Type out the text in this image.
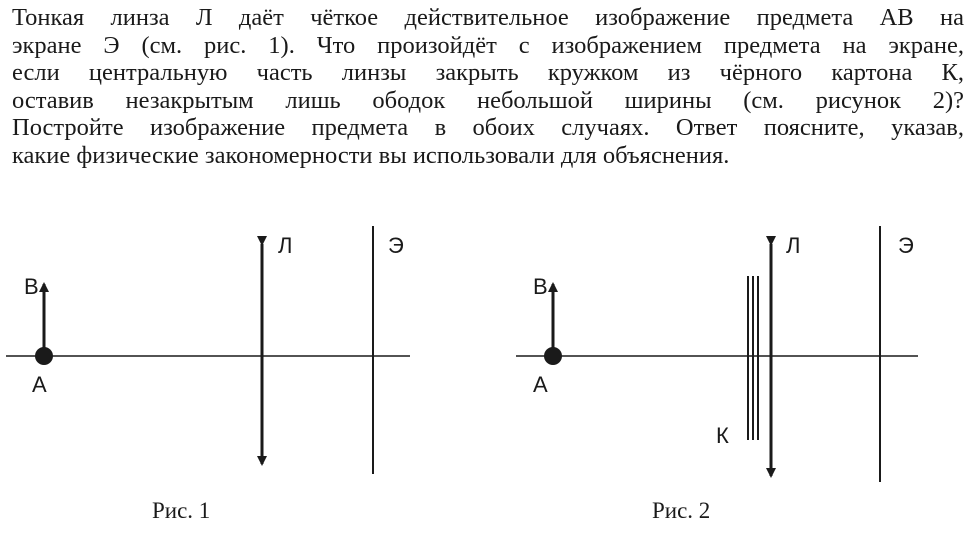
Тонкая линза Л даёт чёткое действительное изображение предмета АВ на
экране Э (см. рис. 1). Что произойдёт с изображением предмета на экране,
если центральную часть линзы закрыть кружком из чёрного картона К,
оставив незакрытым лишь ободок небольшой ширины (см. рисунок 2)?
Постройте изображение предмета в обоих случаях. Ответ поясните, указав,
какие физические закономерности вы использовали для объяснения.
B
А
Л	Э
Рис. 1
B
А
Л	Э
К
Рис. 2
